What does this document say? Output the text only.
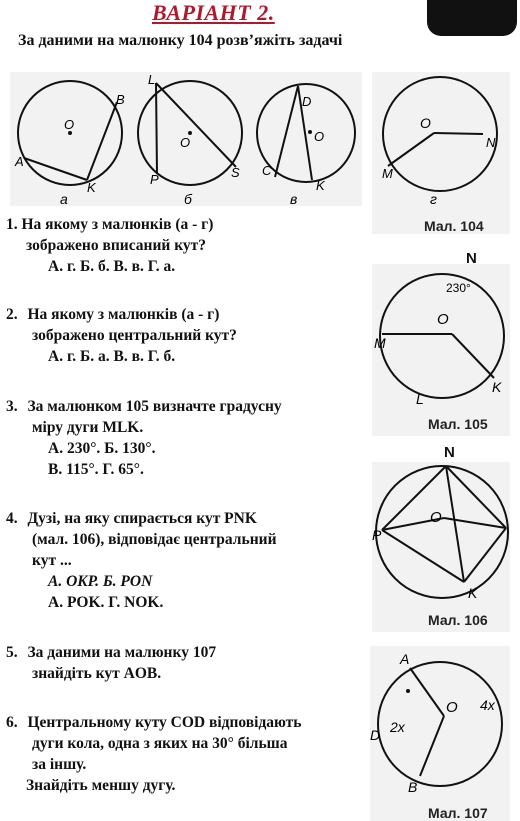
ВАРІАНТ 2.
За даними на малюнку 104 розв’яжіть задачі
O
B
A
K
а
O
L
P	S
б
O
D
C
K
в
O
N
M
г
Мал. 104
O
230°
M
L
K
Мал. 105
N
O
P
K
Мал. 106
N
O 4x
A
D 2x
B
Мал. 107
1. На якому з малюнків (а - г)
зображено вписаний кут?
А. г. Б. б. В. в. Г. а.
2. На якому з малюнків (а - г)
зображено центральний кут?
А. г. Б. а. В. в. Г. б.
3. За малюнком 105 визначте градусну
міру дуги MLK.
А. 230°. Б. 130°.
В. 115°. Г. 65°.
4. Дузі, на яку спирається кут PNK
(мал. 106), відповідає центральний
кут ...
А. OKP. Б. PON
А. POK. Г. NOK.
5. За даними на малюнку 107
знайдіть кут AOB.
6. Центральному куту COD відповідають
дуги кола, одна з яких на 30° більша
за іншу.
Знайдіть меншу дугу.
